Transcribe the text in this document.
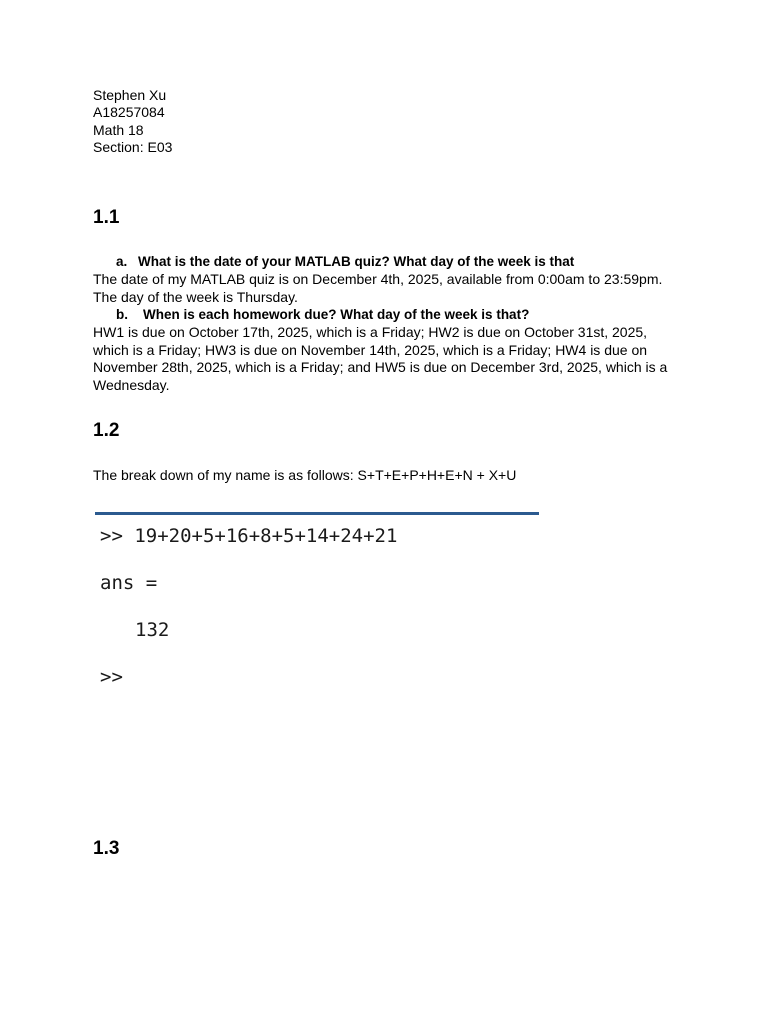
Stephen Xu
A18257084
Math 18
Section: E03
1.1
a. What is the date of your MATLAB quiz? What day of the week is that
The date of my MATLAB quiz is on December 4th, 2025, available from 0:00am to 23:59pm. The day of the week is Thursday.
b. When is each homework due? What day of the week is that?
HW1 is due on October 17th, 2025, which is a Friday; HW2 is due on October 31st, 2025, which is a Friday; HW3 is due on November 14th, 2025, which is a Friday; HW4 is due on November 28th, 2025, which is a Friday; and HW5 is due on December 3rd, 2025, which is a Wednesday.
1.2
The break down of my name is as follows: S+T+E+P+H+E+N + X+U
>> 19+20+5+16+8+5+14+24+21
ans =
132
>>
1.3
